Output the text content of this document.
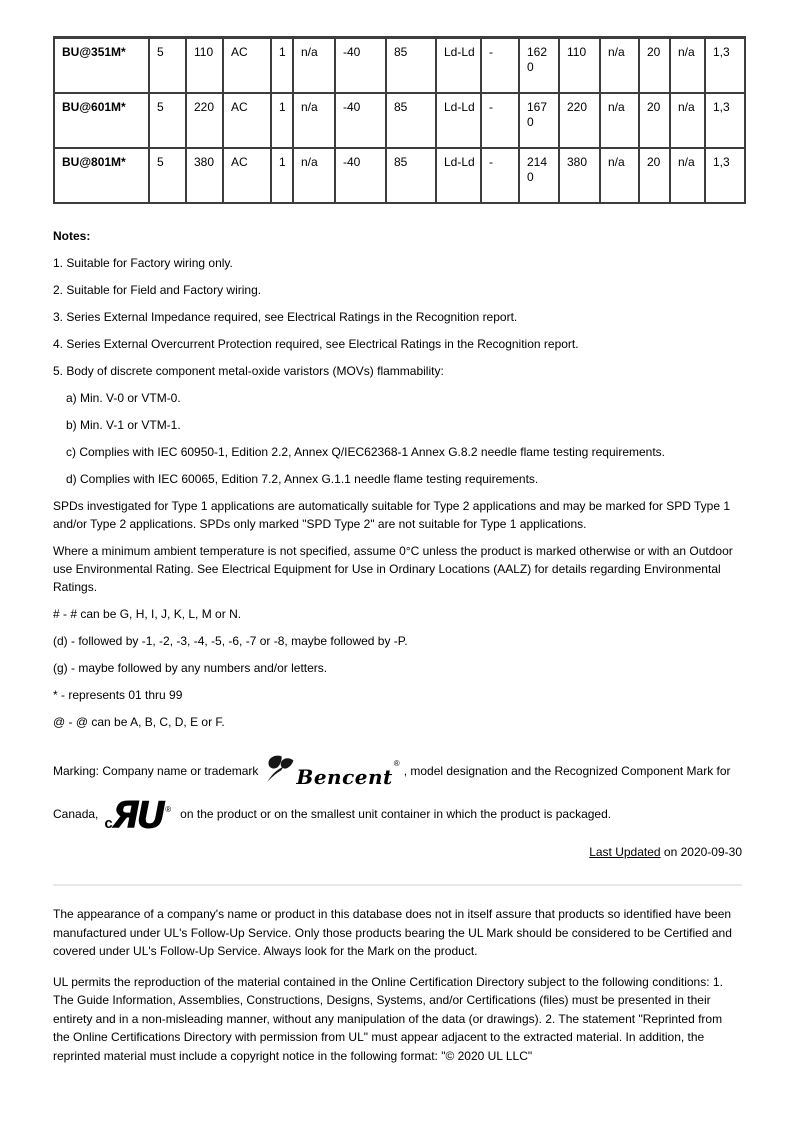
BU@351M*	5	110	AC	1	n/a	-40	85	Ld-Ld	-	1620	110	n/a	20	n/a	1,3
BU@601M*	5	220	AC	1	n/a	-40	85	Ld-Ld	-	1670	220	n/a	20	n/a	1,3
BU@801M*	5	380	AC	1	n/a	-40	85	Ld-Ld	-	2140	380	n/a	20	n/a	1,3

Notes:

1. Suitable for Factory wiring only.

2. Suitable for Field and Factory wiring.

3. Series External Impedance required, see Electrical Ratings in the Recognition report.

4. Series External Overcurrent Protection required, see Electrical Ratings in the Recognition report.

5. Body of discrete component metal-oxide varistors (MOVs) flammability:

a) Min. V-0 or VTM-0.

b) Min. V-1 or VTM-1.

c) Complies with IEC 60950-1, Edition 2.2, Annex Q/IEC62368-1 Annex G.8.2 needle flame testing requirements.

d) Complies with IEC 60065, Edition 7.2, Annex G.1.1 needle flame testing requirements.

SPDs investigated for Type 1 applications are automatically suitable for Type 2 applications and may be marked for SPD Type 1 and/or Type 2 applications. SPDs only marked "SPD Type 2" are not suitable for Type 1 applications.

Where a minimum ambient temperature is not specified, assume 0°C unless the product is marked otherwise or with an Outdoor use Environmental Rating. See Electrical Equipment for Use in Ordinary Locations (AALZ) for details regarding Environmental Ratings.

# - # can be G, H, I, J, K, L, M or N.

(d) - followed by -1, -2, -3, -4, -5, -6, -7 or -8, maybe followed by -P.

(g) - maybe followed by any numbers and/or letters.

* - represents 01 thru 99

@ - @ can be A, B, C, D, E or F.

Marking: Company name or trademark Bencent
®
, model designation and the Recognized Component Mark for
Canada,
c ЯU ® on the product or on the smallest unit container in which the product is packaged.
Last Updated on 2020-09-30

The appearance of a company's name or product in this database does not in itself assure that products so identified have been manufactured under UL's Follow-Up Service. Only those products bearing the UL Mark should be considered to be Certified and covered under UL's Follow-Up Service. Always look for the Mark on the product.

UL permits the reproduction of the material contained in the Online Certification Directory subject to the following conditions: 1. The Guide Information, Assemblies, Constructions, Designs, Systems, and/or Certifications (files) must be presented in their entirety and in a non-misleading manner, without any manipulation of the data (or drawings). 2. The statement "Reprinted from the Online Certifications Directory with permission from UL" must appear adjacent to the extracted material. In addition, the reprinted material must include a copyright notice in the following format: "© 2020 UL LLC"
